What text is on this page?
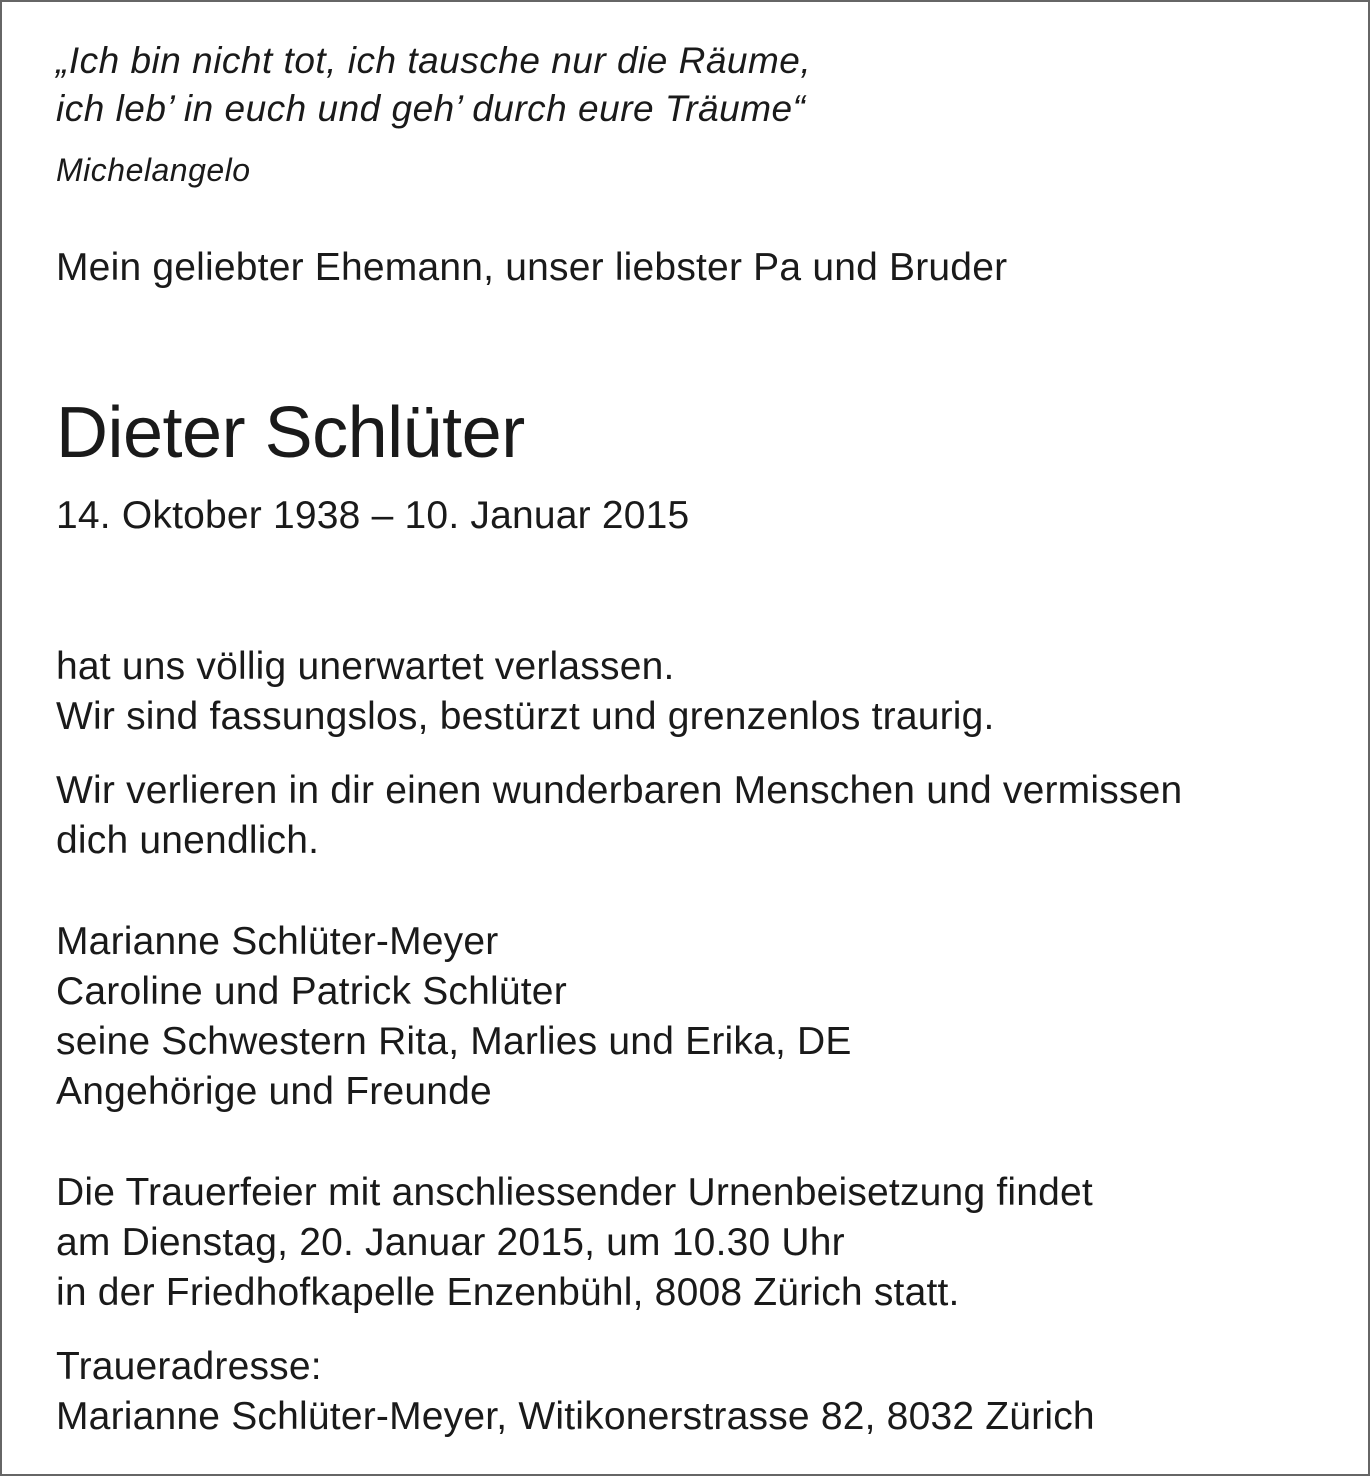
„Ich bin nicht tot, ich tausche nur die Räume,

ich leb’ in euch und geh’ durch eure Träume“

Michelangelo

Mein geliebter Ehemann, unser liebster Pa und Bruder

Dieter Schlüter

14. Oktober 1938 – 10. Januar 2015

hat uns völlig unerwartet verlassen.

Wir sind fassungslos, bestürzt und grenzenlos traurig.

Wir verlieren in dir einen wunderbaren Menschen und vermissen

dich unendlich.

Marianne Schlüter-Meyer

Caroline und Patrick Schlüter

seine Schwestern Rita, Marlies und Erika, DE

Angehörige und Freunde

Die Trauerfeier mit anschliessender Urnenbeisetzung findet

am Dienstag, 20. Januar 2015, um 10.30 Uhr

in der Friedhofkapelle Enzenbühl, 8008 Zürich statt.

Traueradresse:

Marianne Schlüter-Meyer, Witikonerstrasse 82, 8032 Zürich
